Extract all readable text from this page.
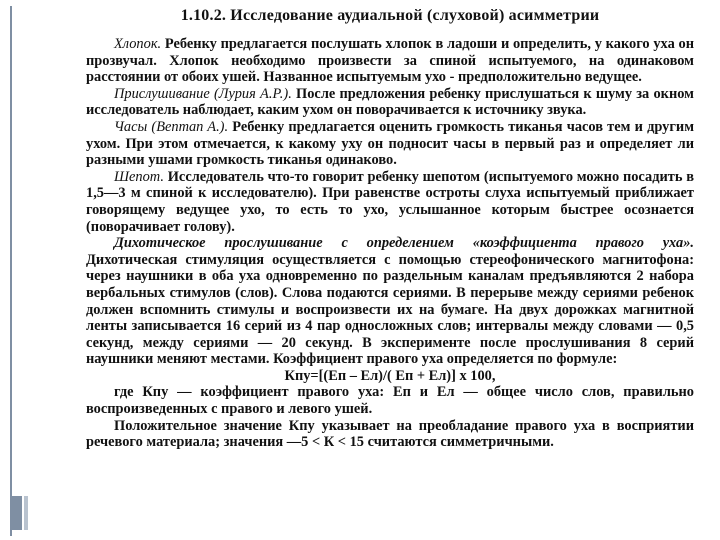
1.10.2. Исследование аудиальной (слуховой) асимметрии

Хлопок. Ребенку предлагается послушать хлопок в ладоши и определить, у какого уха он прозвучал. Хлопок необходимо произвести за спиной испытуемого, на одинаковом расстоянии от обоих ушей. Названное испытуемым ухо - предположительно ведущее.

Прислушивание (Лурия А.Р.). После предложения ребенку прислушаться к шуму за окном исследователь наблюдает, каким ухом он поворачивается к источнику звука.

Часы (Bеnman A.). Ребенку предлагается оценить громкость тиканья часов тем и другим ухом. При этом отмечается, к какому уху он подносит часы в первый раз и определяет ли разными ушами громкость тиканья одинаково.

Шепот. Исследователь что-то говорит ребенку шепотом (испытуемого можно посадить в 1,5—3 м спиной к исследователю). При равенстве остроты слуха испытуемый приближает говорящему ведущее ухо, то есть то ухо, услышанное которым быстрее осознается (поворачивает голову).

Дихотическое прослушивание с определением «коэффициента правого уха». Дихотическая стимуляция осуществляется с помощью стереофонического магнитофона: через наушники в оба уха одновременно по раздельным каналам предъявляются 2 набора вербальных стимулов (слов). Слова подаются сериями. В перерыве между сериями ребенок должен вспомнить стимулы и воспроизвести их на бумаге. На двух дорожках магнитной ленты записывается 16 серий из 4 пар односложных слов; интервалы между словами — 0,5 секунд, между сериями — 20 секунд. В эксперименте после прослушивания 8 серий наушники меняют местами. Коэффициент правого уха определяется по формуле:

Кпу=[(Еп – Ел)/( Еп + Ел)] х 100,

где Кпу — коэффициент правого уха: Еп и Ел — общее число слов, правильно воспроизведенных с правого и левого ушей.

Положительное значение Кпу указывает на преобладание правого уха в восприятии речевого материала; значения —5 < К < 15 считаются симметричными.
